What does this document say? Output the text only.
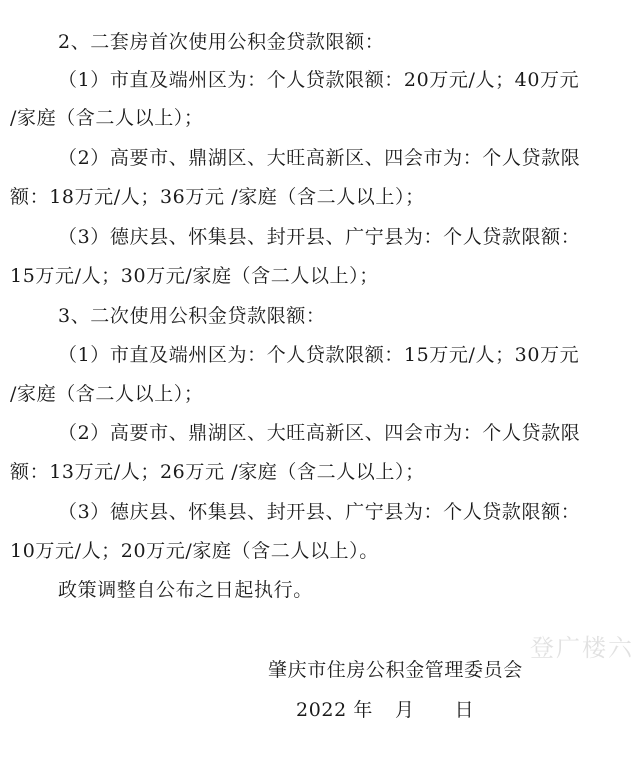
2、二套房首次使用公积金贷款限额：
（1）市直及端州区为：个人贷款限额：20万元/人；40万元
/家庭（含二人以上）；
（2）高要市、鼎湖区、大旺高新区、四会市为：个人贷款限
额：18万元/人；36万元 /家庭（含二人以上）；
（3）德庆县、怀集县、封开县、广宁县为：个人贷款限额：
15万元/人；30万元/家庭（含二人以上）；
3、二次使用公积金贷款限额：
（1）市直及端州区为：个人贷款限额：15万元/人；30万元
/家庭（含二人以上）；
（2）高要市、鼎湖区、大旺高新区、四会市为：个人贷款限
额：13万元/人；26万元 /家庭（含二人以上）；
（3）德庆县、怀集县、封开县、广宁县为：个人贷款限额：
10万元/人；20万元/家庭（含二人以上）。
政策调整自公布之日起执行。
登广楼六
肇庆市住房公积金管理委员会
2022 年 月 日
